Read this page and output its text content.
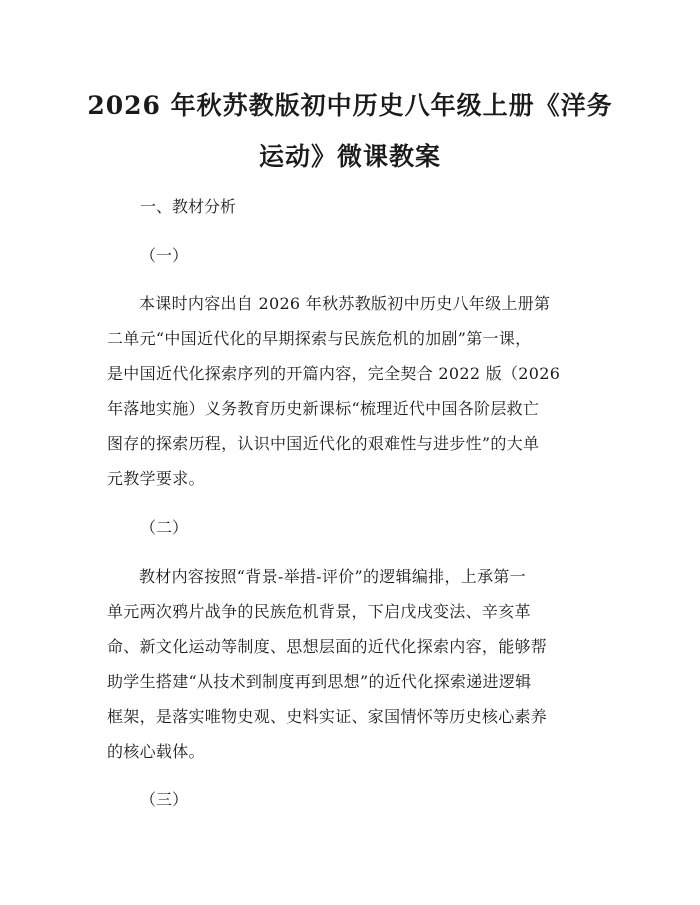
2026 年秋苏教版初中历史八年级上册《洋务
运动》微课教案

一、教材分析

（一）

本课时内容出自 2026 年秋苏教版初中历史八年级上册第

二单元“中国近代化的早期探索与民族危机的加剧”第一课，

是中国近代化探索序列的开篇内容，完全契合 2022 版（2026

年落地实施）义务教育历史新课标“梳理近代中国各阶层救亡

图存的探索历程，认识中国近代化的艰难性与进步性”的大单

元教学要求。

（二）

教材内容按照“背景-举措-评价”的逻辑编排，上承第一

单元两次鸦片战争的民族危机背景，下启戊戌变法、辛亥革

命、新文化运动等制度、思想层面的近代化探索内容，能够帮

助学生搭建“从技术到制度再到思想”的近代化探索递进逻辑

框架，是落实唯物史观、史料实证、家国情怀等历史核心素养

的核心载体。

（三）
